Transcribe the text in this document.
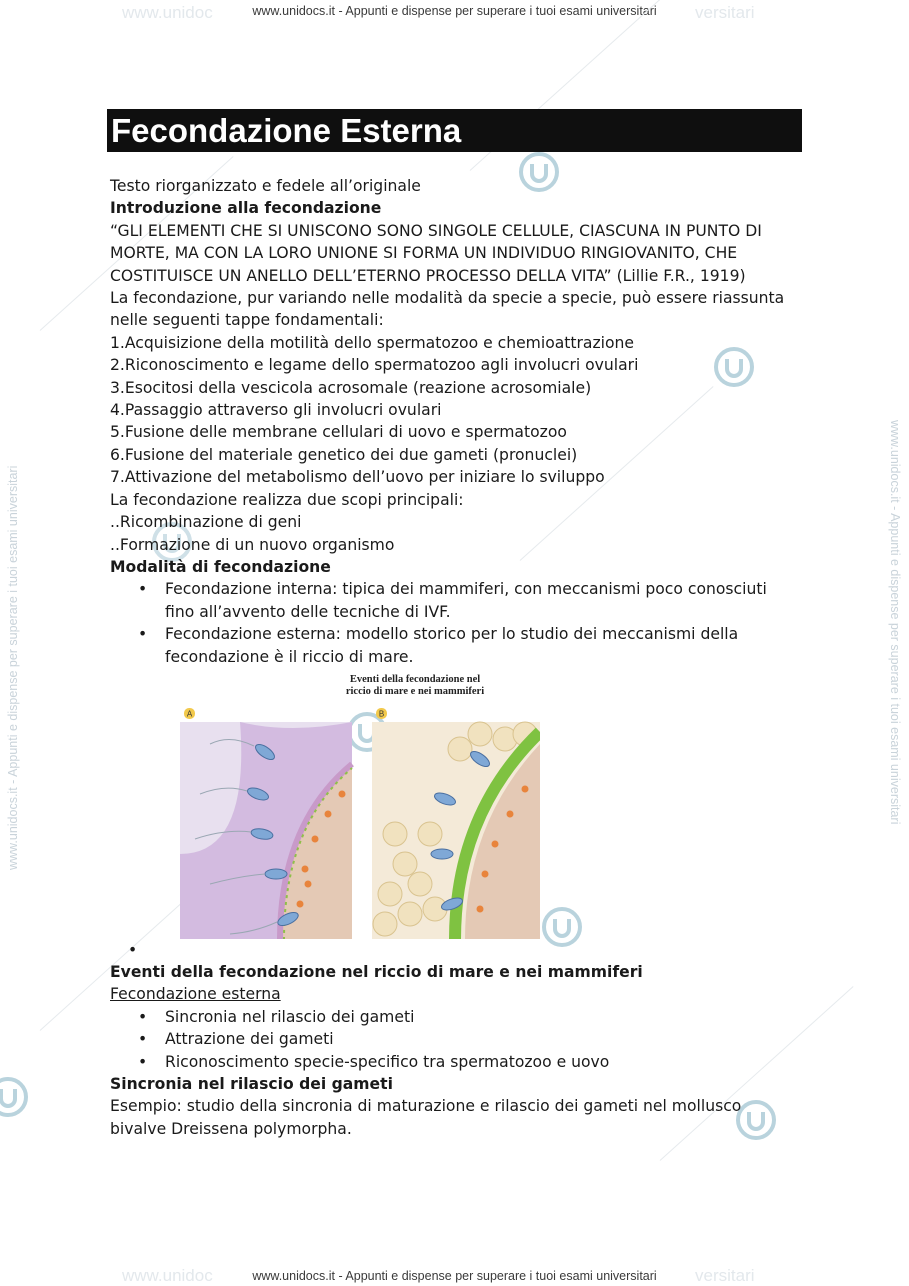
www.unidoc	versitari
www.unidocs.it - Appunti e dispense per superare i tuoi esami universitari
www.unidoc	versitari
www.unidocs.it - Appunti e dispense per superare i tuoi esami universitari
www.unidocs.it - Appunti e dispense per superare i tuoi esami universitari	www.unidocs.it - Appunti e dispense per superare i tuoi esami universitari
Fecondazione Esterna

Testo riorganizzato e fedele all’originale

Introduzione alla fecondazione

“GLI ELEMENTI CHE SI UNISCONO SONO SINGOLE CELLULE, CIASCUNA IN PUNTO DI

MORTE, MA CON LA LORO UNIONE SI FORMA UN INDIVIDUO RINGIOVANITO, CHE

COSTITUISCE UN ANELLO DELL’ETERNO PROCESSO DELLA VITA” (Lillie F.R., 1919)

La fecondazione, pur variando nelle modalità da specie a specie, può essere riassunta

nelle seguenti tappe fondamentali:

1.Acquisizione della motilità dello spermatozoo e chemioattrazione

2.Riconoscimento e legame dello spermatozoo agli involucri ovulari

3.Esocitosi della vescicola acrosomale (reazione acrosomiale)

4.Passaggio attraverso gli involucri ovulari

5.Fusione delle membrane cellulari di uovo e spermatozoo

6.Fusione del materiale genetico dei due gameti (pronuclei)

7.Attivazione del metabolismo dell’uovo per iniziare lo sviluppo

La fecondazione realizza due scopi principali:

..Ricombinazione di geni

..Formazione di un nuovo organismo

Modalità di fecondazione

• Fecondazione interna: tipica dei mammiferi, con meccanismi poco conosciuti
fino all’avvento delle tecniche di IVF.
• Fecondazione esterna: modello storico per lo studio dei meccanismi della
fecondazione è il riccio di mare.
Eventi della fecondazione nel
riccio di mare e nei mammiferi
A	B
•

Eventi della fecondazione nel riccio di mare e nei mammiferi

Fecondazione esterna

• Sincronia nel rilascio dei gameti
• Attrazione dei gameti
• Riconoscimento specie-specifico tra spermatozoo e uovo

Sincronia nel rilascio dei gameti

Esempio: studio della sincronia di maturazione e rilascio dei gameti nel mollusco

bivalve Dreissena polymorpha.
